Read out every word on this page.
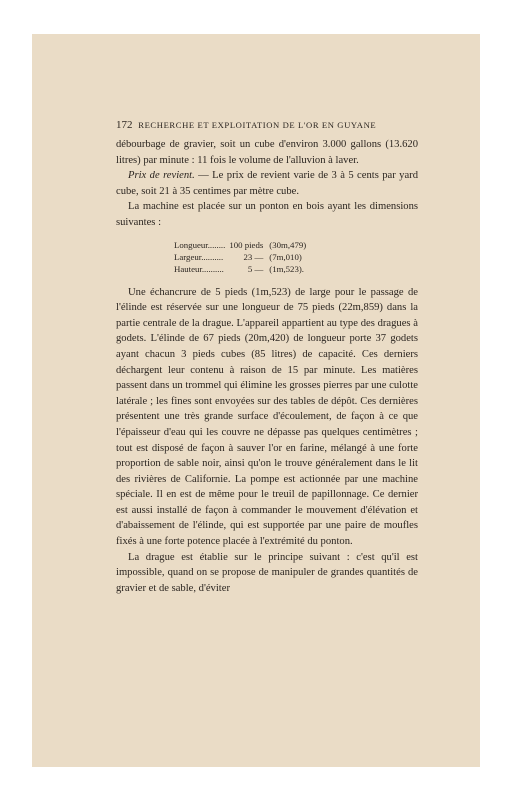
172 RECHERCHE ET EXPLOITATION DE L'OR EN GUYANE

débourbage de gravier, soit un cube d'environ 3.000 gallons (13.620 litres) par minute : 11 fois le volume de l'alluvion à laver.

Prix de revient. — Le prix de revient varie de 3 à 5 cents par yard cube, soit 21 à 35 centimes par mètre cube.

La machine est placée sur un ponton en bois ayant les dimensions suivantes :

Longueur........	100 pieds	(30m,479)
Largeur..........	23 —	(7m,010)
Hauteur..........	5 —	(1m,523).

Une échancrure de 5 pieds (1m,523) de large pour le passage de l'élinde est réservée sur une longueur de 75 pieds (22m,859) dans la partie centrale de la drague. L'appareil appartient au type des dragues à godets. L'élinde de 67 pieds (20m,420) de longueur porte 37 godets ayant chacun 3 pieds cubes (85 litres) de capacité. Ces derniers déchargent leur contenu à raison de 15 par minute. Les matières passent dans un trommel qui élimine les grosses pierres par une culotte latérale ; les fines sont envoyées sur des tables de dépôt. Ces dernières présentent une très grande surface d'écoulement, de façon à ce que l'épaisseur d'eau qui les couvre ne dépasse pas quelques centimètres ; tout est disposé de façon à sauver l'or en farine, mélangé à une forte proportion de sable noir, ainsi qu'on le trouve généralement dans le lit des rivières de Californie. La pompe est actionnée par une machine spéciale. Il en est de même pour le treuil de papillonnage. Ce dernier est aussi installé de façon à commander le mouvement d'élévation et d'abaissement de l'élinde, qui est supportée par une paire de moufles fixés à une forte potence placée à l'extrémité du ponton.

La drague est établie sur le principe suivant : c'est qu'il est impossible, quand on se propose de manipuler de grandes quantités de gravier et de sable, d'éviter
